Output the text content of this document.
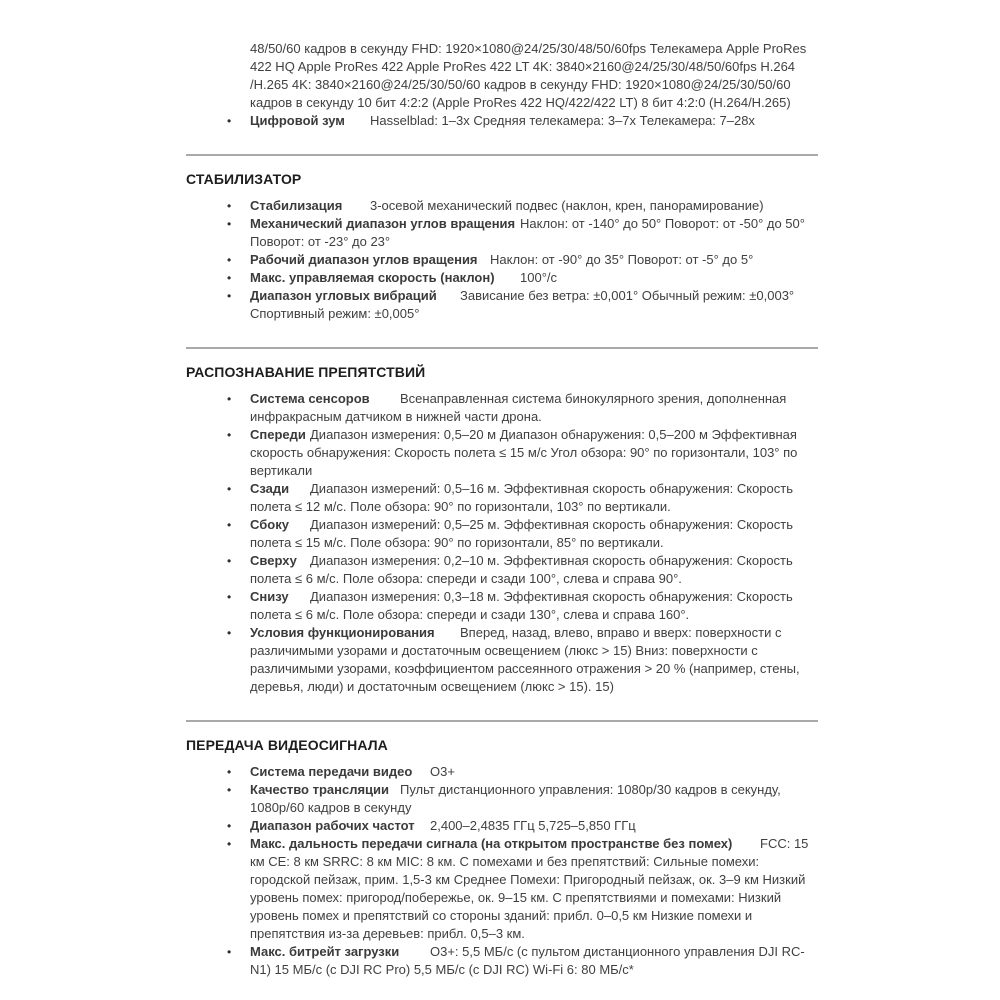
48/50/60 кадров в секунду FHD: 1920×1080@24/25/30/48/50/60fps Телекамера Apple ProRes 422 HQ Apple ProRes 422 Apple ProRes 422 LT 4K: 3840×2160@24/25/30/48/50/60fps H.264 /H.265 4K: 3840×2160@24/25/30/50/60 кадров в секунду FHD: 1920×1080@24/25/30/50/60 кадров в секунду 10 бит 4:2:2 (Apple ProRes 422 HQ/422/422 LT) 8 бит 4:2:0 (H.264/H.265)

• Цифровой зум	Hasselblad: 1–3x Средняя телекамера: 3–7x Телекамера: 7–28x

СТАБИЛИЗАТОР
• Стабилизация	3-осевой механический подвес (наклон, крен, панорамирование)

• Механический диапазон углов вращения	Наклон: от -140° до 50° Поворот: от -50° до 50° Поворот: от -23° до 23°

• Рабочий диапазон углов вращения	Наклон: от -90° до 35° Поворот: от -5° до 5°

• Макс. управляемая скорость (наклон)	100°/с

• Диапазон угловых вибраций	Зависание без ветра: ±0,001° Обычный режим: ±0,003° Спортивный режим: ±0,005°

РАСПОЗНАВАНИЕ ПРЕПЯТСТВИЙ
• Система сенсоров	Всенаправленная система бинокулярного зрения, дополненная инфракрасным датчиком в нижней части дрона.

• Спереди	Диапазон измерения: 0,5–20 м Диапазон обнаружения: 0,5–200 м Эффективная скорость обнаружения: Скорость полета ≤ 15 м/с Угол обзора: 90° по горизонтали, 103° по вертикали

• Сзади	Диапазон измерений: 0,5–16 м. Эффективная скорость обнаружения: Скорость полета ≤ 12 м/с. Поле обзора: 90° по горизонтали, 103° по вертикали.

• Сбоку	Диапазон измерений: 0,5–25 м. Эффективная скорость обнаружения: Скорость полета ≤ 15 м/с. Поле обзора: 90° по горизонтали, 85° по вертикали.

• Сверху	Диапазон измерения: 0,2–10 м. Эффективная скорость обнаружения: Скорость полета ≤ 6 м/с. Поле обзора: спереди и сзади 100°, слева и справа 90°.

• Снизу	Диапазон измерения: 0,3–18 м. Эффективная скорость обнаружения: Скорость полета ≤ 6 м/с. Поле обзора: спереди и сзади 130°, слева и справа 160°.

• Условия функционирования	Вперед, назад, влево, вправо и вверх: поверхности с различимыми узорами и достаточным освещением (люкс > 15) Вниз: поверхности с различимыми узорами, коэффициентом рассеянного отражения > 20 % (например, стены, деревья, люди) и достаточным освещением (люкс > 15). 15)

ПЕРЕДАЧА ВИДЕОСИГНАЛА
• Система передачи видео	O3+

• Качество трансляции	Пульт дистанционного управления: 1080p/30 кадров в секунду, 1080p/60 кадров в секунду

• Диапазон рабочих частот	2,400–2,4835 ГГц 5,725–5,850 ГГц

• Макс. дальность передачи сигнала (на открытом пространстве без помех)	FCC: 15 км CE: 8 км SRRC: 8 км MIC: 8 км. С помехами и без препятствий: Сильные помехи: городской пейзаж, прим. 1,5-3 км Среднее Помехи: Пригородный пейзаж, ок. 3–9 км Низкий уровень помех: пригород/побережье, ок. 9–15 км. С препятствиями и помехами: Низкий уровень помех и препятствий со стороны зданий: прибл. 0–0,5 км Низкие помехи и препятствия из-за деревьев: прибл. 0,5–3 км.

• Макс. битрейт загрузки	O3+: 5,5 МБ/с (с пультом дистанционного управления DJI RC-N1) 15 МБ/с (с DJI RC Pro) 5,5 МБ/с (с DJI RC) Wi-Fi 6: 80 МБ/с*
